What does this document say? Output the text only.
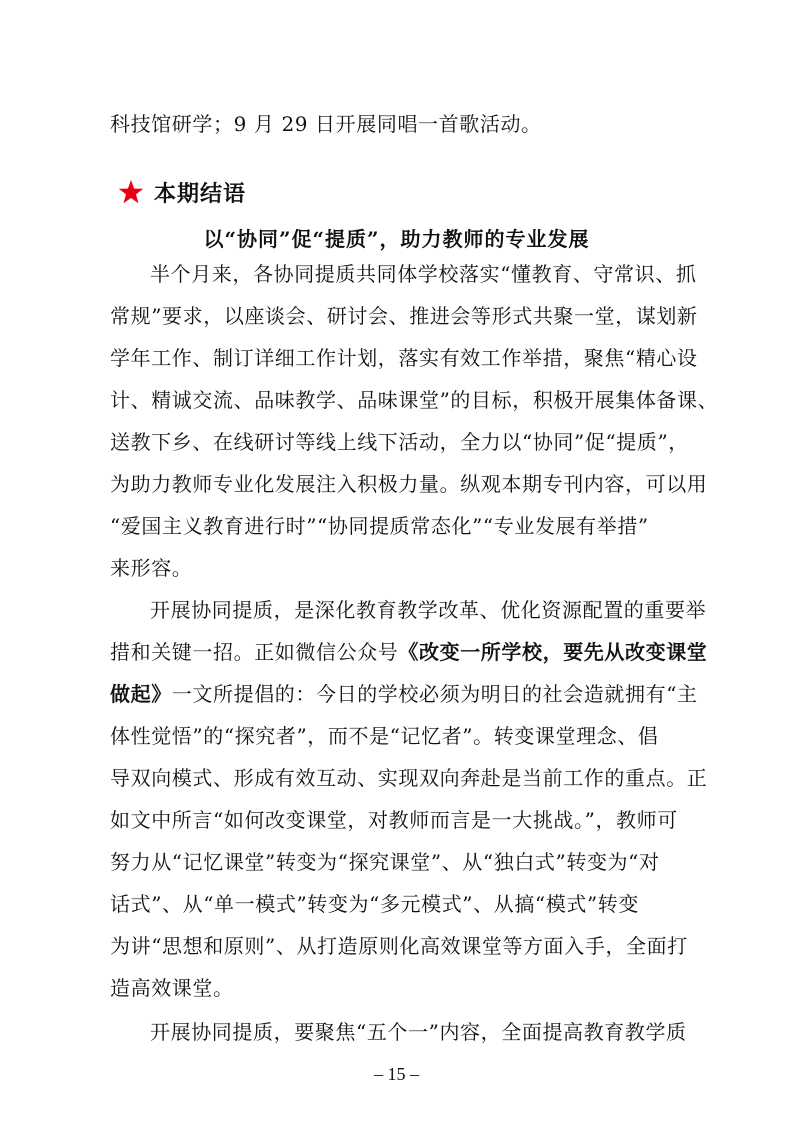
科技馆研学；9 月 29 日开展同唱一首歌活动。
本期结语
以“协同”促“提质”，助力教师的专业发展
半个月来，各协同提质共同体学校落实“懂教育、守常识、抓
常规”要求，以座谈会、研讨会、推进会等形式共聚一堂，谋划新
学年工作、制订详细工作计划，落实有效工作举措，聚焦“精心设
计、精诚交流、品味教学、品味课堂”的目标，积极开展集体备课、
送教下乡、在线研讨等线上线下活动，全力以“协同”促“提质”，
为助力教师专业化发展注入积极力量。纵观本期专刊内容，可以用
“爱国主义教育进行时”“协同提质常态化”“专业发展有举措”
来形容。
开展协同提质，是深化教育教学改革、优化资源配置的重要举
措和关键一招。正如微信公众号《改变一所学校，要先从改变课堂
做起》一文所提倡的：今日的学校必须为明日的社会造就拥有“主
体性觉悟”的“探究者”，而不是“记忆者”。转变课堂理念、倡
导双向模式、形成有效互动、实现双向奔赴是当前工作的重点。正
如文中所言“如何改变课堂，对教师而言是一大挑战。”，教师可
努力从“记忆课堂”转变为“探究课堂”、从“独白式”转变为“对
话式”、从“单一模式”转变为“多元模式”、从搞“模式”转变
为讲“思想和原则”、从打造原则化高效课堂等方面入手，全面打
造高效课堂。
开展协同提质，要聚焦“五个一”内容，全面提高教育教学质
– 15 –
